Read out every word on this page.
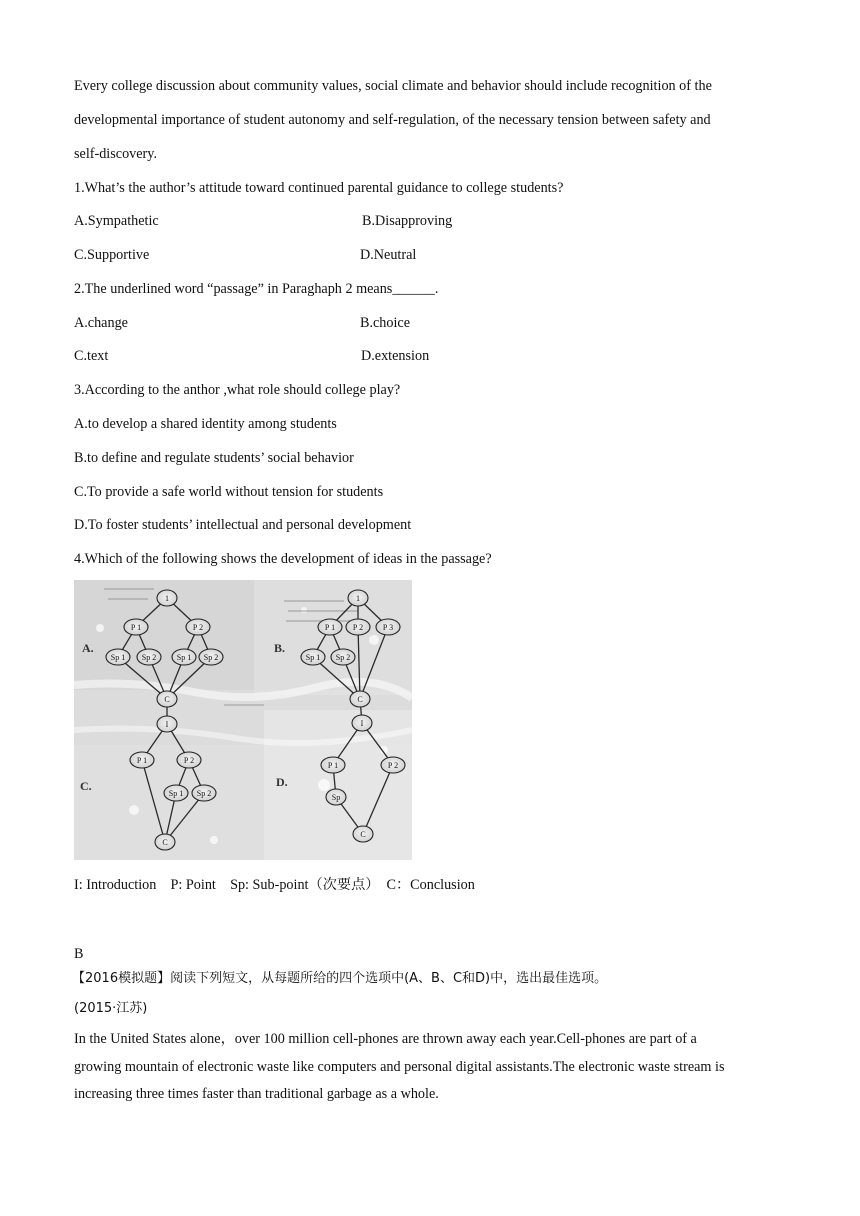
Every college discussion about community values, social climate and behavior should include recognition of the
developmental importance of student autonomy and self-regulation, of the necessary tension between safety and
self-discovery.
1.What’s the author’s attitude toward continued parental guidance to college students?
A.Sympathetic	B.Disapproving
C.Supportive	D.Neutral
2.The underlined word “passage” in Paraghaph 2 means______.
A.change	B.choice
C.text	D.extension
3.According to the anthor ,what role should college play?
A.to develop a shared identity among students
B.to define and regulate students’ social behavior
C.To provide a safe world without tension for students
D.To foster students’ intellectual and personal development
4.Which of the following shows the development of ideas in the passage?
1
P 1	P 2
Sp 1 Sp 2	Sp 1 Sp 2
C
1
P 1 P 2 P 3
Sp 1 Sp 2
C
I
P 1	P 2
Sp 1 Sp 2
C
I
P 1	P 2
Sp
C
A.	B.
C.	D.
I: Introduction    P: Point    Sp: Sub-point（次要点）  C：Conclusion
B
【2016模拟题】阅读下列短文，从每题所给的四个选项中(A、B、C和D)中，选出最佳选项。
(2015·江苏)
In the United States alone，over 100 million cell-phones are thrown away each year.Cell-phones are part of a
growing mountain of electronic waste like computers and personal digital assistants.The electronic waste stream is
increasing three times faster than traditional garbage as a whole.
